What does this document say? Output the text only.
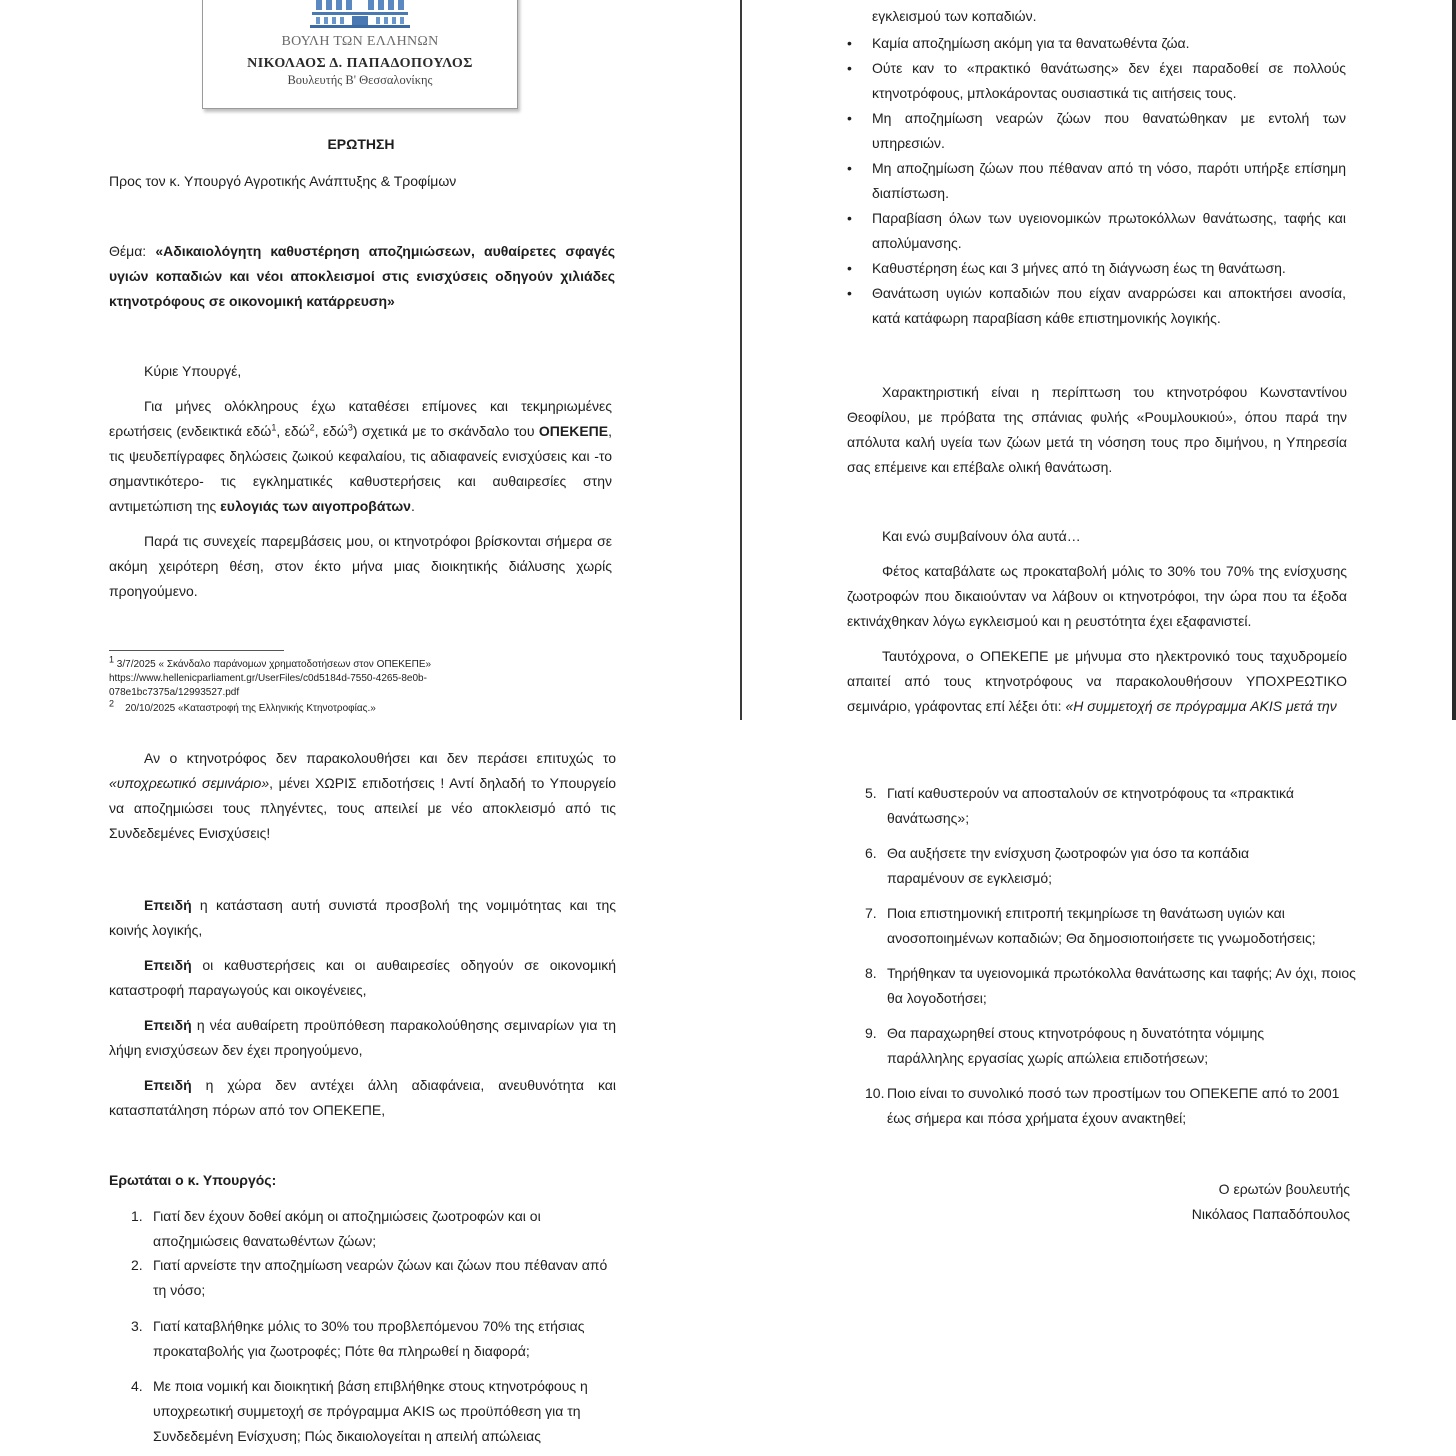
ΒΟΥΛΗ ΤΩΝ ΕΛΛΗΝΩΝ
ΝΙΚΟΛΑΟΣ Δ. ΠΑΠΑΔΟΠΟΥΛΟΣ
Βουλευτής Β' Θεσσαλονίκης
ΕΡΩΤΗΣΗ
Προς τον κ. Υπουργό Αγροτικής Ανάπτυξης & Τροφίμων
Θέμα: «Αδικαιολόγητη καθυστέρηση αποζημιώσεων, αυθαίρετες σφαγές υγιών κοπαδιών και νέοι αποκλεισμοί στις ενισχύσεις οδηγούν χιλιάδες κτηνοτρόφους σε οικονομική κατάρρευση»
Κύριε Υπουργέ,
Για μήνες ολόκληρους έχω καταθέσει επίμονες και τεκμηριωμένες ερωτήσεις (ενδεικτικά εδώ$^1$, εδώ$^2$, εδώ$^3$) σχετικά με το σκάνδαλο του ΟΠΕΚΕΠΕ, τις ψευδεπίγραφες δηλώσεις ζωικού κεφαλαίου, τις αδιαφανείς ενισχύσεις και -το σημαντικότερο- τις εγκληματικές καθυστερήσεις και αυθαιρεσίες στην αντιμετώπιση της ευλογιάς των αιγοπροβάτων.
Παρά τις συνεχείς παρεμβάσεις μου, οι κτηνοτρόφοι βρίσκονται σήμερα σε ακόμη χειρότερη θέση, στον έκτο μήνα μιας διοικητικής διάλυσης χωρίς προηγούμενο.
$^1$ 3/7/2025 « Σκάνδαλο παράνομων χρηματοδοτήσεων στον ΟΠΕΚΕΠΕ»
https://www.hellenicparliament.gr/UserFiles/c0d5184d-7550-4265-8e0b-
078e1bc7375a/12993527.pdf
$^2$ 20/10/2025 «Καταστροφή της Ελληνικής Κτηνοτροφίας.»
εγκλεισμού των κοπαδιών.
• Καμία αποζημίωση ακόμη για τα θανατωθέντα ζώα.
• Ούτε καν το «πρακτικό θανάτωσης» δεν έχει παραδοθεί σε πολλούς κτηνοτρόφους, μπλοκάροντας ουσιαστικά τις αιτήσεις τους.
• Μη αποζημίωση νεαρών ζώων που θανατώθηκαν με εντολή των υπηρεσιών.
• Μη αποζημίωση ζώων που πέθαναν από τη νόσο, παρότι υπήρξε επίσημη διαπίστωση.
• Παραβίαση όλων των υγειονομικών πρωτοκόλλων θανάτωσης, ταφής και απολύμανσης.
• Καθυστέρηση έως και 3 μήνες από τη διάγνωση έως τη θανάτωση.
• Θανάτωση υγιών κοπαδιών που είχαν αναρρώσει και αποκτήσει ανοσία, κατά κατάφωρη παραβίαση κάθε επιστημονικής λογικής.
Χαρακτηριστική είναι η περίπτωση του κτηνοτρόφου Κωνσταντίνου Θεοφίλου, με πρόβατα της σπάνιας φυλής «Ρουμλουκιού», όπου παρά την απόλυτα καλή υγεία των ζώων μετά τη νόσηση τους προ διμήνου, η Υπηρεσία σας επέμεινε και επέβαλε ολική θανάτωση.
Και ενώ συμβαίνουν όλα αυτά…
Φέτος καταβάλατε ως προκαταβολή μόλις το 30% του 70% της ενίσχυσης ζωοτροφών που δικαιούνταν να λάβουν οι κτηνοτρόφοι, την ώρα που τα έξοδα εκτινάχθηκαν λόγω εγκλεισμού και η ρευστότητα έχει εξαφανιστεί.
Ταυτόχρονα, ο ΟΠΕΚΕΠΕ με μήνυμα στο ηλεκτρονικό τους ταχυδρομείο απαιτεί από τους κτηνοτρόφους να παρακολουθήσουν ΥΠΟΧΡΕΩΤΙΚΟ σεμινάριο, γράφοντας επί λέξει ότι: «Η συμμετοχή σε πρόγραμμα AKIS μετά την
Αν ο κτηνοτρόφος δεν παρακολουθήσει και δεν περάσει επιτυχώς το «υποχρεωτικό σεμινάριο», μένει ΧΩΡΙΣ επιδοτήσεις ! Αντί δηλαδή το Υπουργείο να αποζημιώσει τους πληγέντες, τους απειλεί με νέο αποκλεισμό από τις Συνδεδεμένες Ενισχύσεις!
Επειδή η κατάσταση αυτή συνιστά προσβολή της νομιμότητας και της κοινής λογικής,
Επειδή οι καθυστερήσεις και οι αυθαιρεσίες οδηγούν σε οικονομική καταστροφή παραγωγούς και οικογένειες,
Επειδή η νέα αυθαίρετη προϋπόθεση παρακολούθησης σεμιναρίων για τη λήψη ενισχύσεων δεν έχει προηγούμενο,
Επειδή η χώρα δεν αντέχει άλλη αδιαφάνεια, ανευθυνότητα και κατασπατάληση πόρων από τον ΟΠΕΚΕΠΕ,
Ερωτάται ο κ. Υπουργός:
1. Γιατί δεν έχουν δοθεί ακόμη οι αποζημιώσεις ζωοτροφών και οι αποζημιώσεις θανατωθέντων ζώων;
2. Γιατί αρνείστε την αποζημίωση νεαρών ζώων και ζώων που πέθαναν από τη νόσο;
3. Γιατί καταβλήθηκε μόλις το 30% του προβλεπόμενου 70% της ετήσιας προκαταβολής για ζωοτροφές; Πότε θα πληρωθεί η διαφορά;
4. Με ποια νομική και διοικητική βάση επιβλήθηκε στους κτηνοτρόφους η υποχρεωτική συμμετοχή σε πρόγραμμα AKIS ως προϋπόθεση για τη Συνδεδεμένη Ενίσχυση; Πώς δικαιολογείται η απειλή απώλειας
5. Γιατί καθυστερούν να αποσταλούν σε κτηνοτρόφους τα «πρακτικά θανάτωσης»;
6. Θα αυξήσετε την ενίσχυση ζωοτροφών για όσο τα κοπάδια παραμένουν σε εγκλεισμό;
7. Ποια επιστημονική επιτροπή τεκμηρίωσε τη θανάτωση υγιών και ανοσοποιημένων κοπαδιών; Θα δημοσιοποιήσετε τις γνωμοδοτήσεις;
8. Τηρήθηκαν τα υγειονομικά πρωτόκολλα θανάτωσης και ταφής; Αν όχι, ποιος θα λογοδοτήσει;
9. Θα παραχωρηθεί στους κτηνοτρόφους η δυνατότητα νόμιμης παράλληλης εργασίας χωρίς απώλεια επιδοτήσεων;
10. Ποιο είναι το συνολικό ποσό των προστίμων του ΟΠΕΚΕΠΕ από το 2001 έως σήμερα και πόσα χρήματα έχουν ανακτηθεί;
Ο ερωτών βουλευτής
Νικόλαος Παπαδόπουλος
